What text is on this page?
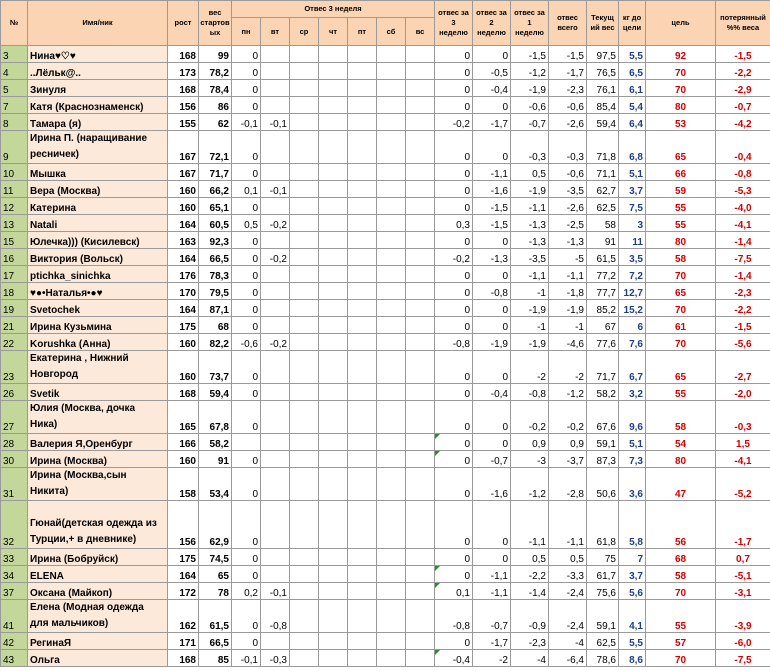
№	Имя/ник	рост	вес стартов ых	Отвес 3 неделя							отвес за 3 неделю	отвес за 2 неделю	отвес за 1 неделю	отвес всего	Текущ ий вес	кг до цели	цель	потерянный %% веса
				пн	вт	ср	чт	пт	сб	вс								
3	Нина♥♡♥	168	99	0							0	0	-1,5	-1,5	97,5	5,5	92	-1,5
4	..Лёльк@..	173	78,2	0							0	-0,5	-1,2	-1,7	76,5	6,5	70	-2,2
5	Зинуля	168	78,4	0							0	-0,4	-1,9	-2,3	76,1	6,1	70	-2,9
7	Катя (Краснознаменск)	156	86	0							0	0	-0,6	-0,6	85,4	5,4	80	-0,7
8	Тамара (я)	155	62	-0,1	-0,1						-0,2	-1,7	-0,7	-2,6	59,4	6,4	53	-4,2
9	Ирина П. (наращивание ресничек)	167	72,1	0							0	0	-0,3	-0,3	71,8	6,8	65	-0,4
10	Мышка	167	71,7	0							0	-1,1	0,5	-0,6	71,1	5,1	66	-0,8
11	Вера (Москва)	160	66,2	0,1	-0,1						0	-1,6	-1,9	-3,5	62,7	3,7	59	-5,3
12	Катерина	160	65,1	0							0	-1,5	-1,1	-2,6	62,5	7,5	55	-4,0
13	Natali	164	60,5	0,5	-0,2						0,3	-1,5	-1,3	-2,5	58	3	55	-4,1
15	Юлечка))) (Кисилевск)	163	92,3	0							0	0	-1,3	-1,3	91	11	80	-1,4
16	Виктория (Вольск)	164	66,5	0	-0,2						-0,2	-1,3	-3,5	-5	61,5	3,5	58	-7,5
17	ptichka_sinichka	176	78,3	0							0	0	-1,1	-1,1	77,2	7,2	70	-1,4
18	♥●•Наталья•●♥	170	79,5	0							0	-0,8	-1	-1,8	77,7	12,7	65	-2,3
19	Svetochek	164	87,1	0							0	0	-1,9	-1,9	85,2	15,2	70	-2,2
21	Ирина Кузьмина	175	68	0							0	0	-1	-1	67	6	61	-1,5
22	Korushka (Анна)	160	82,2	-0,6	-0,2						-0,8	-1,9	-1,9	-4,6	77,6	7,6	70	-5,6
23	Екатерина , Нижний Новгород	160	73,7	0							0	0	-2	-2	71,7	6,7	65	-2,7
26	Svetik	168	59,4	0							0	-0,4	-0,8	-1,2	58,2	3,2	55	-2,0
27	Юлия (Москва, дочка Ника)	165	67,8	0							0	0	-0,2	-0,2	67,6	9,6	58	-0,3
28	Валерия Я,Оренбург	166	58,2								0	0	0,9	0,9	59,1	5,1	54	1,5
30	Ирина (Москва)	160	91	0							0	-0,7	-3	-3,7	87,3	7,3	80	-4,1
31	Ирина (Москва,сын Никита)	158	53,4	0							0	-1,6	-1,2	-2,8	50,6	3,6	47	-5,2
32	Гюнай(детская одежда из Турции,+ в дневнике)	156	62,9	0							0	0	-1,1	-1,1	61,8	5,8	56	-1,7
33	Ирина (Бобруйск)	175	74,5	0							0	0	0,5	0,5	75	7	68	0,7
34	ELENA	164	65	0							0	-1,1	-2,2	-3,3	61,7	3,7	58	-5,1
37	Оксана (Майкоп)	172	78	0,2	-0,1						0,1	-1,1	-1,4	-2,4	75,6	5,6	70	-3,1
41	Елена (Модная одежда для мальчиков)	162	61,5	0	-0,8						-0,8	-0,7	-0,9	-2,4	59,1	4,1	55	-3,9
42	РегинаЯ	171	66,5	0							0	-1,7	-2,3	-4	62,5	5,5	57	-6,0
43	Ольга	168	85	-0,1	-0,3						-0,4	-2	-4	-6,4	78,6	8,6	70	-7,5
